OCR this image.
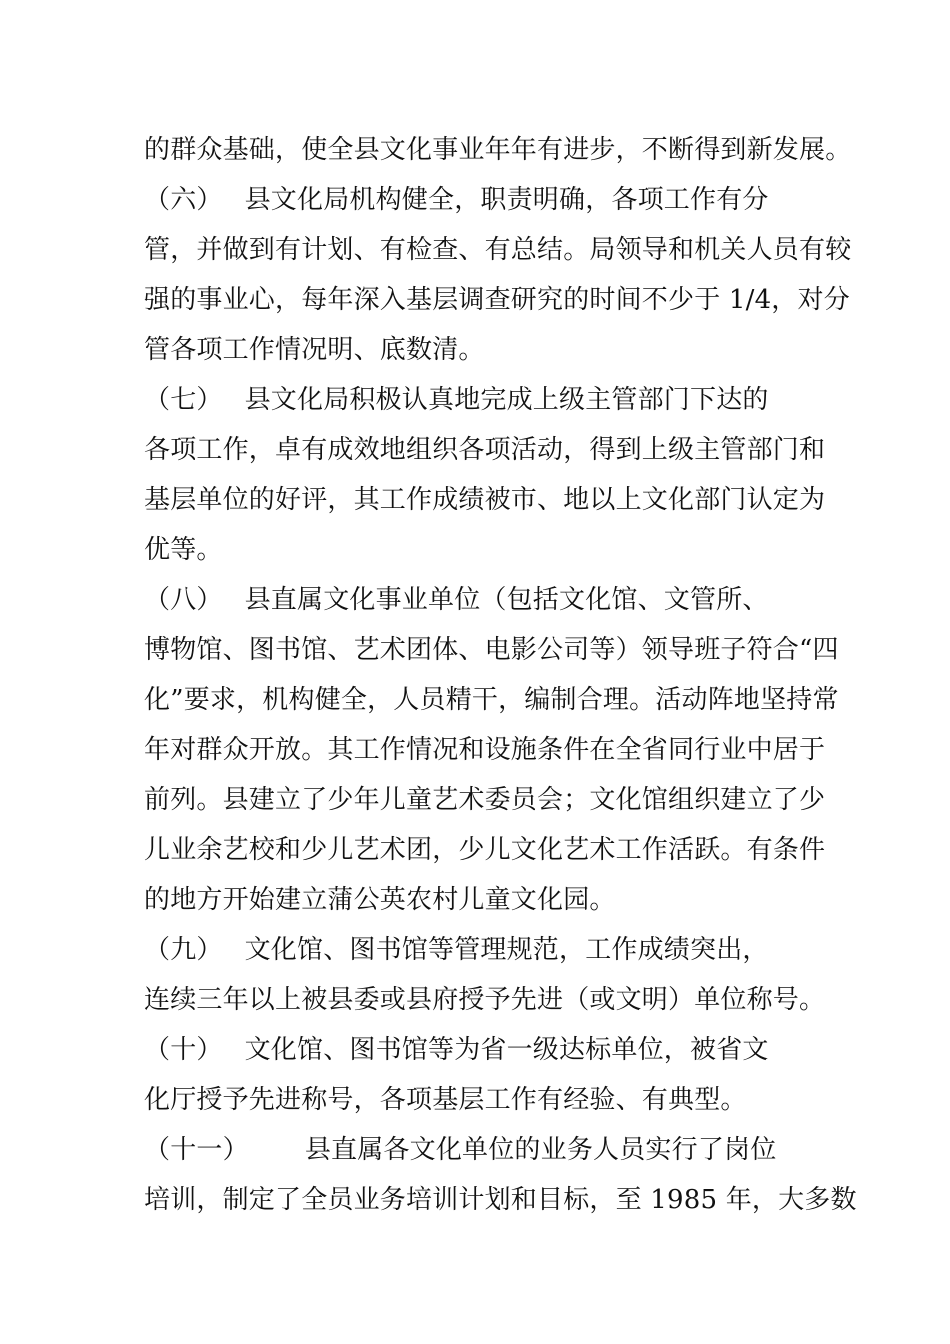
的群众基础，使全县文化事业年年有进步，不断得到新发展。
（六） 县文化局机构健全，职责明确，各项工作有分
管，并做到有计划、有检查、有总结。局领导和机关人员有较
强的事业心，每年深入基层调查研究的时间不少于 1/4，对分
管各项工作情况明、底数清。
（七） 县文化局积极认真地完成上级主管部门下达的
各项工作，卓有成效地组织各项活动，得到上级主管部门和
基层单位的好评，其工作成绩被市、地以上文化部门认定为
优等。
（八） 县直属文化事业单位（包括文化馆、文管所、
博物馆、图书馆、艺术团体、电影公司等）领导班子符合“四
化”要求，机构健全，人员精干，编制合理。活动阵地坚持常
年对群众开放。其工作情况和设施条件在全省同行业中居于
前列。县建立了少年儿童艺术委员会；文化馆组织建立了少
儿业余艺校和少儿艺术团，少儿文化艺术工作活跃。有条件
的地方开始建立蒲公英农村儿童文化园。
（九） 文化馆、图书馆等管理规范，工作成绩突出，
连续三年以上被县委或县府授予先进（或文明）单位称号。
（十） 文化馆、图书馆等为省一级达标单位，被省文
化厅授予先进称号，各项基层工作有经验、有典型。
（十一） 县直属各文化单位的业务人员实行了岗位
培训，制定了全员业务培训计划和目标，至 1985 年，大多数
